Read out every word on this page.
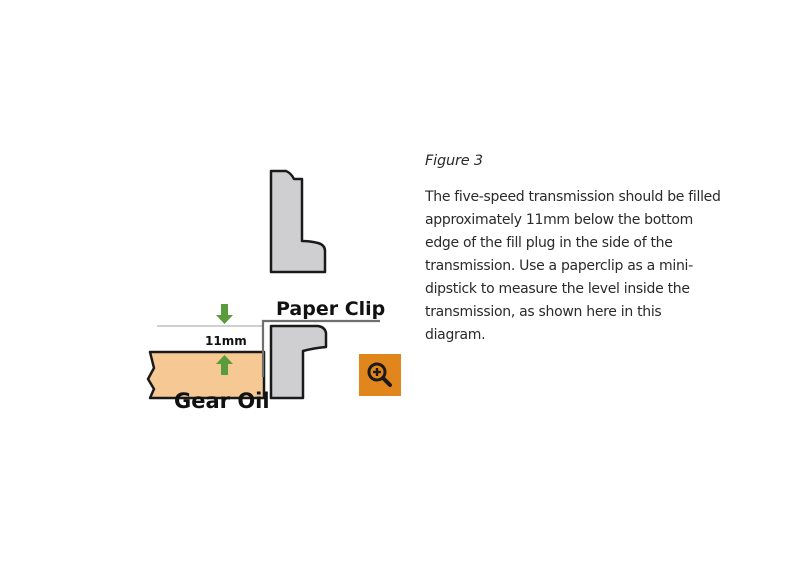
Paper Clip
11mm
Gear Oil

Figure 3

The five-speed transmission should be filled approximately 11mm below the bottom edge of the fill plug in the side of the transmission. Use a paperclip as a mini-dipstick to measure the level inside the transmission, as shown here in this diagram.
